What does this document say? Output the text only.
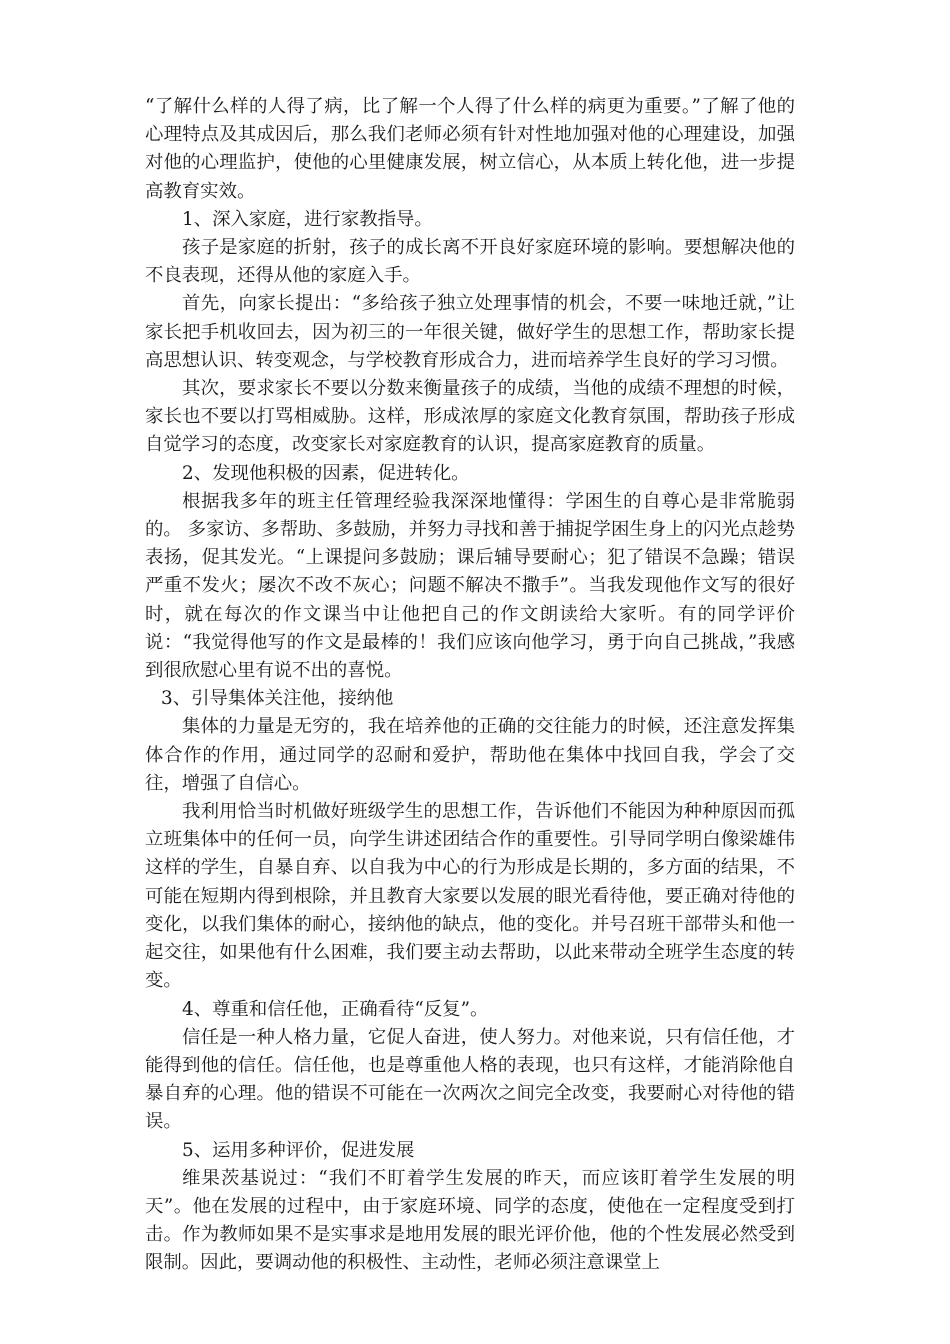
“了解什么样的人得了病，比了解一个人得了什么样的病更为重要。”了解了他的心理特点及其成因后，那么我们老师必须有针对性地加强对他的心理建设，加强对他的心理监护，使他的心里健康发展，树立信心，从本质上转化他，进一步提高教育实效。

1、深入家庭，进行家教指导。

孩子是家庭的折射，孩子的成长离不开良好家庭环境的影响。要想解决他的不良表现，还得从他的家庭入手。

首先，向家长提出：“多给孩子独立处理事情的机会，不要一味地迁就，”让家长把手机收回去，因为初三的一年很关键，做好学生的思想工作，帮助家长提高思想认识、转变观念，与学校教育形成合力，进而培养学生良好的学习习惯。

其次，要求家长不要以分数来衡量孩子的成绩，当他的成绩不理想的时候，家长也不要以打骂相威胁。这样，形成浓厚的家庭文化教育氛围，帮助孩子形成自觉学习的态度，改变家长对家庭教育的认识，提高家庭教育的质量。

2、发现他积极的因素，促进转化。

根据我多年的班主任管理经验我深深地懂得：学困生的自尊心是非常脆弱的。 多家访、多帮助、多鼓励，并努力寻找和善于捕捉学困生身上的闪光点趁势表扬，促其发光。“上课提问多鼓励；课后辅导要耐心；犯了错误不急躁；错误严重不发火；屡次不改不灰心；问题不解决不撒手”。当我发现他作文写的很好时，就在每次的作文课当中让他把自己的作文朗读给大家听。有的同学评价说：“我觉得他写的作文是最棒的！我们应该向他学习，勇于向自己挑战，”我感到很欣慰心里有说不出的喜悦。

3、引导集体关注他，接纳他

集体的力量是无穷的，我在培养他的正确的交往能力的时候，还注意发挥集体合作的作用，通过同学的忍耐和爱护，帮助他在集体中找回自我，学会了交往，增强了自信心。

我利用恰当时机做好班级学生的思想工作，告诉他们不能因为种种原因而孤立班集体中的任何一员，向学生讲述团结合作的重要性。引导同学明白像梁雄伟这样的学生，自暴自弃、以自我为中心的行为形成是长期的，多方面的结果，不可能在短期内得到根除，并且教育大家要以发展的眼光看待他，要正确对待他的变化，以我们集体的耐心，接纳他的缺点，他的变化。并号召班干部带头和他一起交往，如果他有什么困难，我们要主动去帮助，以此来带动全班学生态度的转变。

4、尊重和信任他，正确看待“反复”。

信任是一种人格力量，它促人奋进，使人努力。对他来说，只有信任他，才能得到他的信任。信任他，也是尊重他人格的表现，也只有这样，才能消除他自暴自弃的心理。他的错误不可能在一次两次之间完全改变，我要耐心对待他的错误。

5、运用多种评价，促进发展

维果茨基说过：“我们不盯着学生发展的昨天，而应该盯着学生发展的明天”。他在发展的过程中，由于家庭环境、同学的态度，使他在一定程度受到打击。作为教师如果不是实事求是地用发展的眼光评价他，他的个性发展必然受到限制。因此，要调动他的积极性、主动性，老师必须注意课堂上
